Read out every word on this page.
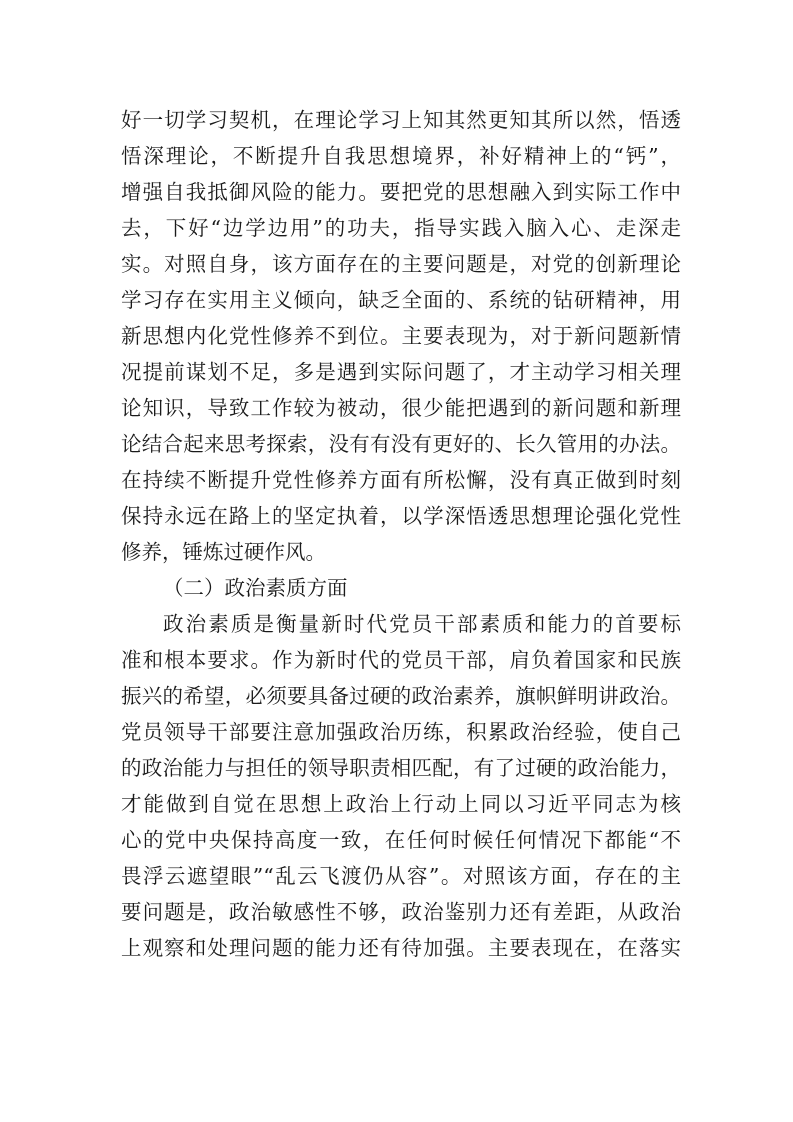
好一切学习契机，在理论学习上知其然更知其所以然，悟透
悟深理论，不断提升自我思想境界，补好精神上的“钙”，
增强自我抵御风险的能力。要把党的思想融入到实际工作中
去，下好“边学边用”的功夫，指导实践入脑入心、走深走
实。对照自身，该方面存在的主要问题是，对党的创新理论
学习存在实用主义倾向，缺乏全面的、系统的钻研精神，用
新思想内化党性修养不到位。主要表现为，对于新问题新情
况提前谋划不足，多是遇到实际问题了，才主动学习相关理
论知识，导致工作较为被动，很少能把遇到的新问题和新理
论结合起来思考探索，没有有没有更好的、长久管用的办法。
在持续不断提升党性修养方面有所松懈，没有真正做到时刻
保持永远在路上的坚定执着，以学深悟透思想理论强化党性
修养，锤炼过硬作风。
（二）政治素质方面
政治素质是衡量新时代党员干部素质和能力的首要标
准和根本要求。作为新时代的党员干部，肩负着国家和民族
振兴的希望，必须要具备过硬的政治素养，旗帜鲜明讲政治。
党员领导干部要注意加强政治历练，积累政治经验，使自己
的政治能力与担任的领导职责相匹配，有了过硬的政治能力，
才能做到自觉在思想上政治上行动上同以习近平同志为核
心的党中央保持高度一致，在任何时候任何情况下都能“不
畏浮云遮望眼”“乱云飞渡仍从容”。对照该方面，存在的主
要问题是，政治敏感性不够，政治鉴别力还有差距，从政治
上观察和处理问题的能力还有待加强。主要表现在，在落实
